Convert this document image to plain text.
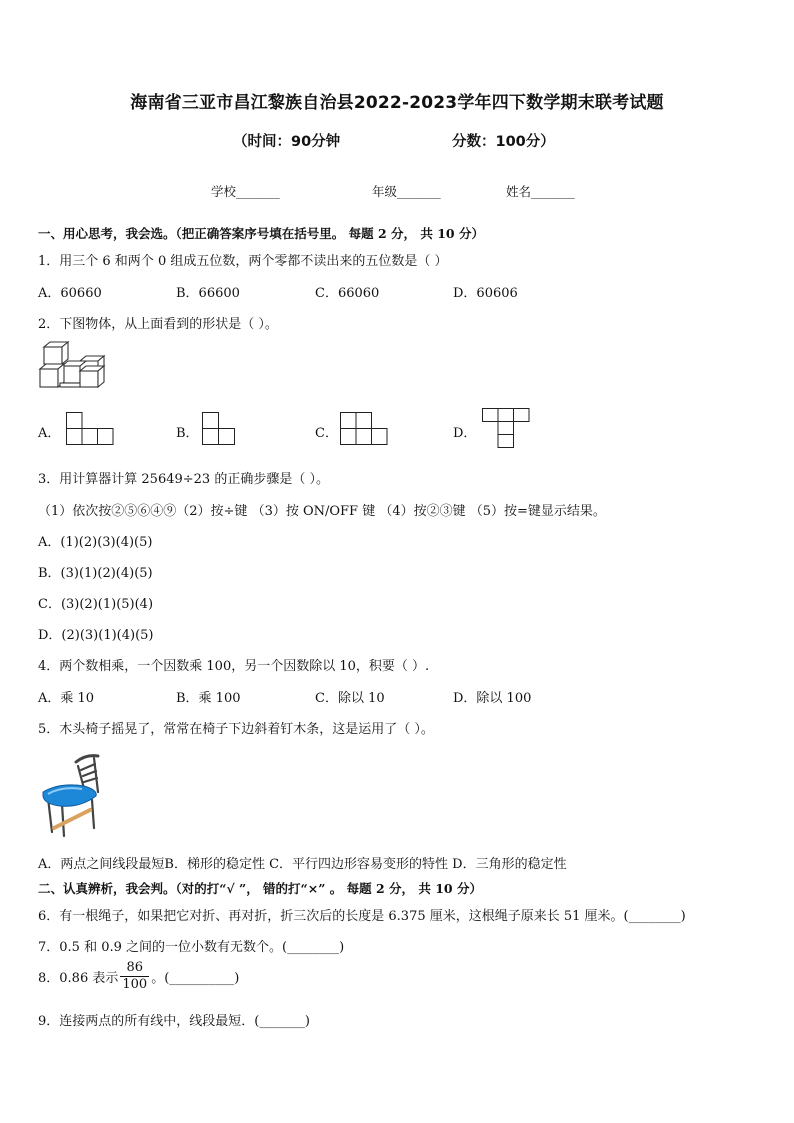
海南省三亚市昌江黎族自治县2022-2023学年四下数学期末联考试题
（时间：90分钟	分数：100分）
学校_______	年级_______	姓名_______
一、用心思考，我会选。（把正确答案序号填在括号里。 每题 2 分， 共 10 分）
1．用三个 6 和两个 0 组成五位数，两个零都不读出来的五位数是（ ）
A．60660	B．66600	C．66060	D．60606
2．下图物体，从上面看到的形状是（ ）。
A．	B．	C．	D．
3．用计算器计算 25649÷23 的正确步骤是（ ）。
（1）依次按②⑤⑥④⑨（2）按÷键 （3）按 ON/OFF 键 （4）按②③键 （5）按=键显示结果。
A．(1)(2)(3)(4)(5)
B．(3)(1)(2)(4)(5)
C．(3)(2)(1)(5)(4)
D．(2)(3)(1)(4)(5)
4．两个数相乘，一个因数乘 100，另一个因数除以 10，积要（ ）.
A．乘 10	B．乘 100	C．除以 10	D．除以 100
5．木头椅子摇晃了，常常在椅子下边斜着钉木条，这是运用了（ ）。
A．两点之间线段最短B．梯形的稳定性 C．平行四边形容易变形的特性 D．三角形的稳定性
二、认真辨析，我会判。（对的打“√ ”， 错的打“×” 。 每题 2 分， 共 10 分）
6．有一根绳子，如果把它对折、再对折，折三次后的长度是 6.375 厘米，这根绳子原来长 51 厘米。(________)
7．0.5 和 0.9 之间的一位小数有无数个。(________)
8．0.86 表示 $\frac{86}{100}$ 。(__________)
9．连接两点的所有线中，线段最短．(_______)
